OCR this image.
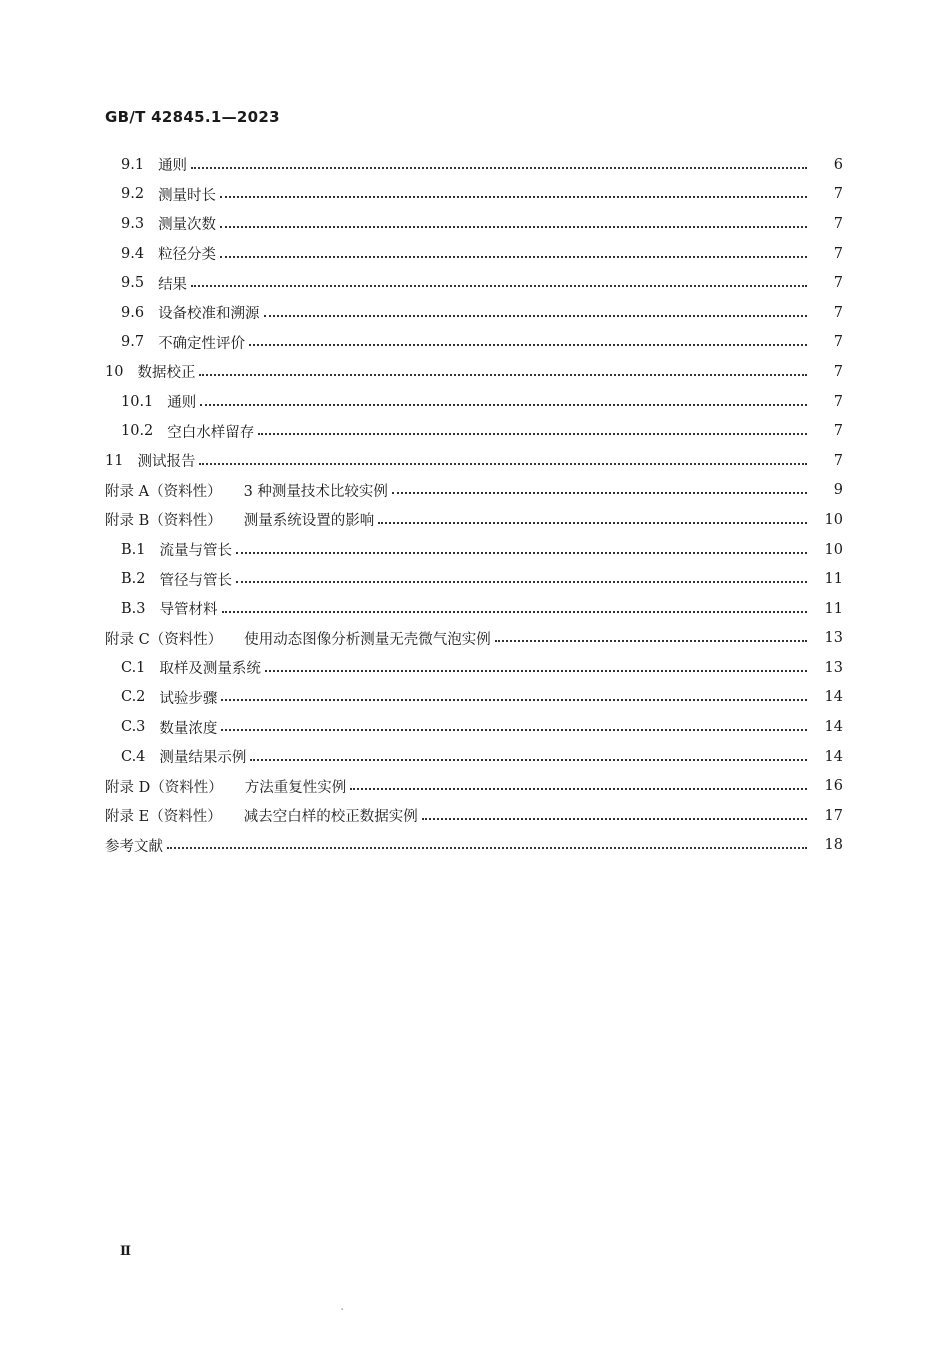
GB/T 42845.1—2023
9.1 通则	6
9.2 测量时长	7
9.3 测量次数	7
9.4 粒径分类	7
9.5 结果	7
9.6 设备校准和溯源	7
9.7 不确定性评价	7
10 数据校正	7
10.1 通则	7
10.2 空白水样留存	7
11 测试报告	7
附录 A（资料性） 3 种测量技术比较实例	9
附录 B（资料性） 测量系统设置的影响	10
B.1 流量与管长	10
B.2 管径与管长	11
B.3 导管材料	11
附录 C（资料性） 使用动态图像分析测量无壳微气泡实例	13
C.1 取样及测量系统	13
C.2 试验步骤	14
C.3 数量浓度	14
C.4 测量结果示例	14
附录 D（资料性） 方法重复性实例	16
附录 E（资料性） 减去空白样的校正数据实例	17
参考文献	18
Ⅱ
·
